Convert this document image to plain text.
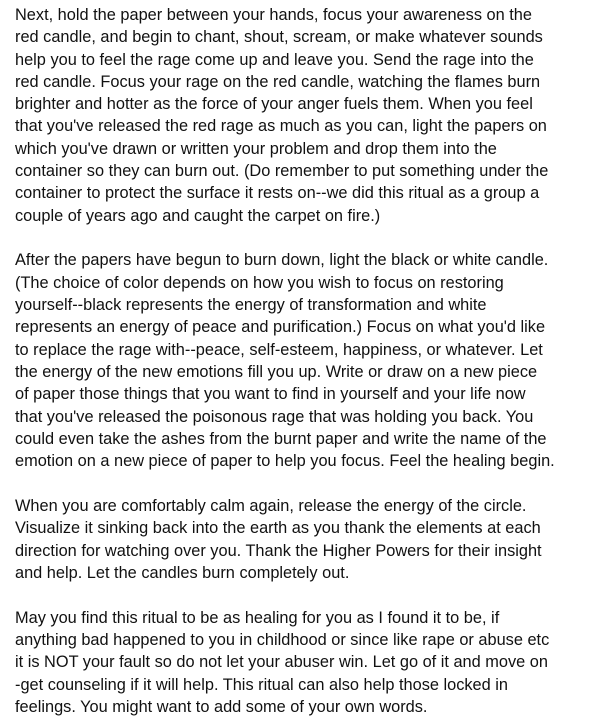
Next, hold the paper between your hands, focus your awareness on the
red candle, and begin to chant, shout, scream, or make whatever sounds
help you to feel the rage come up and leave you. Send the rage into the
red candle. Focus your rage on the red candle, watching the flames burn
brighter and hotter as the force of your anger fuels them. When you feel
that you've released the red rage as much as you can, light the papers on
which you've drawn or written your problem and drop them into the
container so they can burn out. (Do remember to put something under the
container to protect the surface it rests on--we did this ritual as a group a
couple of years ago and caught the carpet on fire.)

After the papers have begun to burn down, light the black or white candle.
(The choice of color depends on how you wish to focus on restoring
yourself--black represents the energy of transformation and white
represents an energy of peace and purification.) Focus on what you'd like
to replace the rage with--peace, self-esteem, happiness, or whatever. Let
the energy of the new emotions fill you up. Write or draw on a new piece
of paper those things that you want to find in yourself and your life now
that you've released the poisonous rage that was holding you back. You
could even take the ashes from the burnt paper and write the name of the
emotion on a new piece of paper to help you focus. Feel the healing begin.

When you are comfortably calm again, release the energy of the circle.
Visualize it sinking back into the earth as you thank the elements at each
direction for watching over you. Thank the Higher Powers for their insight
and help. Let the candles burn completely out.

May you find this ritual to be as healing for you as I found it to be, if
anything bad happened to you in childhood or since like rape or abuse etc
it is NOT your fault so do not let your abuser win. Let go of it and move on
-get counseling if it will help. This ritual can also help those locked in
feelings. You might want to add some of your own words.
